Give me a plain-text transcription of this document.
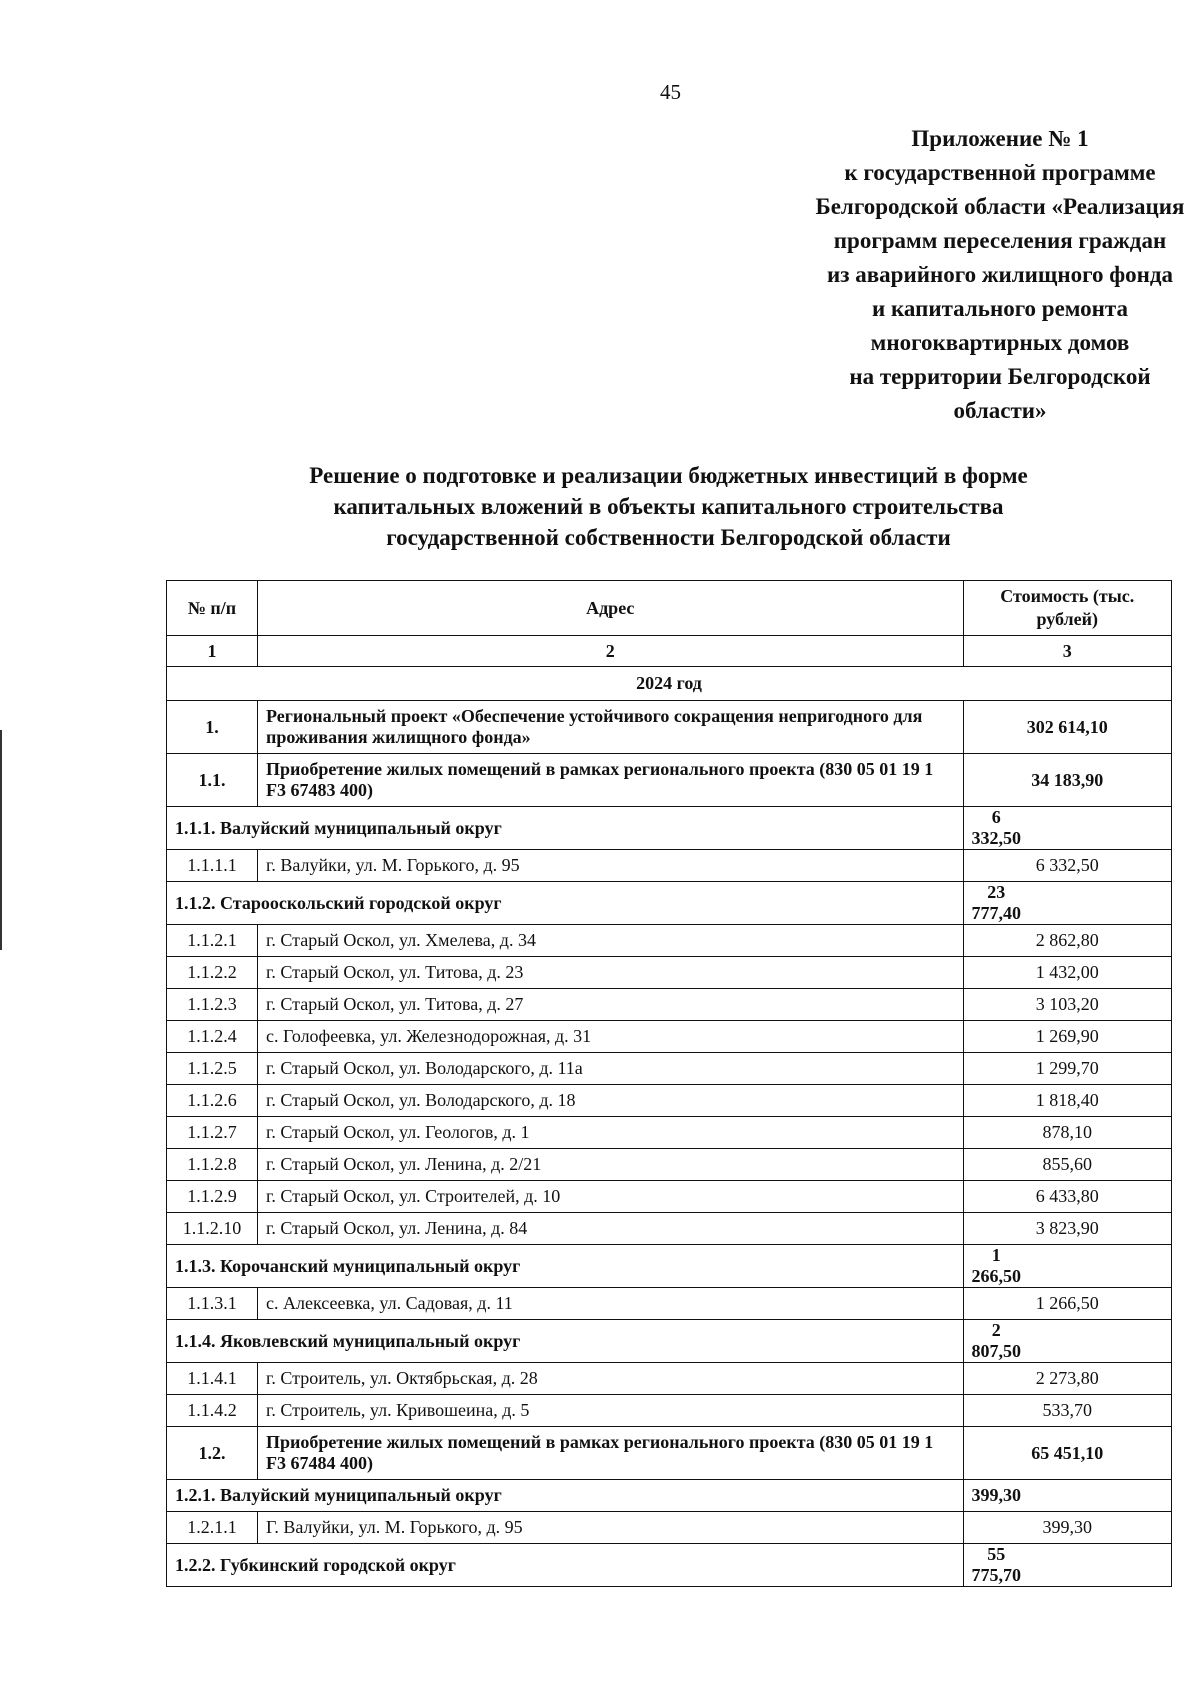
45
Приложение № 1
к государственной программе
Белгородской области «Реализация
программ переселения граждан
из аварийного жилищного фонда
и капитального ремонта
многоквартирных домов
на территории Белгородской
области»
Решение о подготовке и реализации бюджетных инвестиций в форме
капитальных вложений в объекты капитального строительства
государственной собственности Белгородской области
№ п/п	Адрес	Стоимость (тыс. рублей)
1	2	3
2024 год		
1.	Региональный проект «Обеспечение устойчивого сокращения непригодного для проживания жилищного фонда»	302 614,10
1.1.	Приобретение жилых помещений в рамках регионального проекта (830 05 01 19 1 F3 67483 400)	34 183,90
1.1.1. Валуйский муниципальный округ		6 332,50
1.1.1.1	г. Валуйки, ул. М. Горького, д. 95	6 332,50
1.1.2. Старооскольский городской округ		23 777,40
1.1.2.1	г. Старый Оскол, ул. Хмелева, д. 34	2 862,80
1.1.2.2	г. Старый Оскол, ул. Титова, д. 23	1 432,00
1.1.2.3	г. Старый Оскол, ул. Титова, д. 27	3 103,20
1.1.2.4	с. Голофеевка, ул. Железнодорожная, д. 31	1 269,90
1.1.2.5	г. Старый Оскол, ул. Володарского, д. 11а	1 299,70
1.1.2.6	г. Старый Оскол, ул. Володарского, д. 18	1 818,40
1.1.2.7	г. Старый Оскол, ул. Геологов, д. 1	878,10
1.1.2.8	г. Старый Оскол, ул. Ленина, д. 2/21	855,60
1.1.2.9	г. Старый Оскол, ул. Строителей, д. 10	6 433,80
1.1.2.10	г. Старый Оскол, ул. Ленина, д. 84	3 823,90
1.1.3. Корочанский муниципальный округ		1 266,50
1.1.3.1	с. Алексеевка, ул. Садовая, д. 11	1 266,50
1.1.4. Яковлевский муниципальный округ		2 807,50
1.1.4.1	г. Строитель, ул. Октябрьская, д. 28	2 273,80
1.1.4.2	г. Строитель, ул. Кривошеина, д. 5	533,70
1.2.	Приобретение жилых помещений в рамках регионального проекта (830 05 01 19 1 F3 67484 400)	65 451,10
1.2.1. Валуйский муниципальный округ		399,30
1.2.1.1	Г. Валуйки, ул. М. Горького, д. 95	399,30
1.2.2. Губкинский городской округ		55 775,70
